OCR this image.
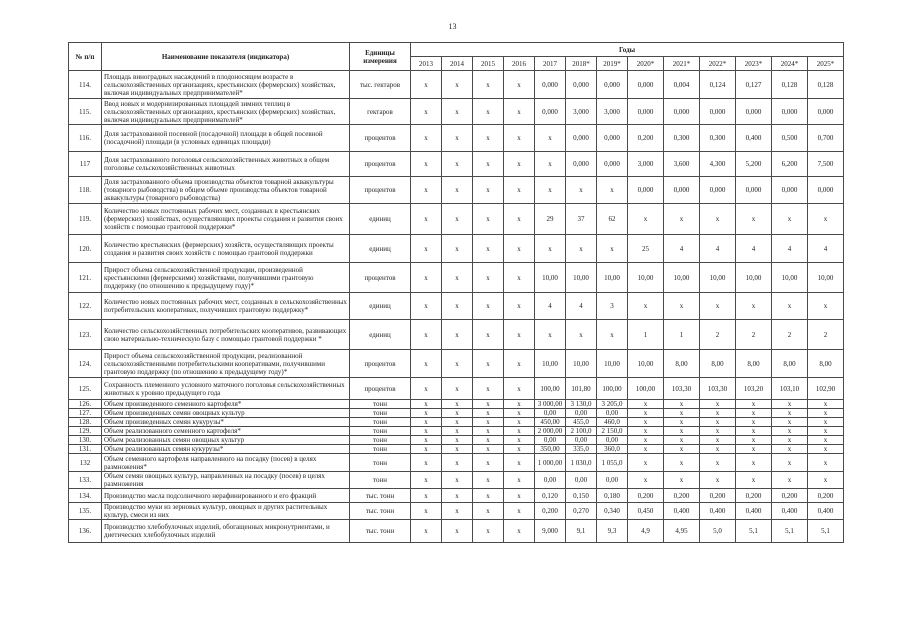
13
№ п/п	Наименование показателя (индикатора)	Единицы измерения	Годы												
			2013	2014	2015	2016	2017	2018*	2019*	2020*	2021*	2022*	2023*	2024*	2025*
114.	Площадь виноградных насаждений в плодоносящем возрасте в сельскохозяйственных организациях, крестьянских (фермерских) хозяйствах, включая индивидуальных предпринимателей*	тыс. гектаров	x	x	x	x	0,000	0,000	0,000	0,000	0,004	0,124	0,127	0,128	0,128
115.	Ввод новых и модернизированных площадей зимних теплиц в сельскохозяйственных организациях, крестьянских (фермерских) хозяйствах, включая индивидуальных предпринимателей*	гектаров	x	x	x	x	0,000	3,000	3,000	0,000	0,000	0,000	0,000	0,000	0,000
116.	Доля застрахованной посевной (посадочной) площади в общей посевной (посадочной) площади (в условных единицах площади)	процентов	x	x	x	x	x	0,000	0,000	0,200	0,300	0,300	0,400	0,500	0,700
117	Доля застрахованного поголовья сельскохозяйственных животных в общем поголовье сельскохозяйственных животных	процентов	x	x	x	x	x	0,000	0,000	3,000	3,600	4,300	5,200	6,200	7,500
118.	Доля застрахованного объема производства объектов товарной аквакультуры (товарного рыбоводства) в общем объеме производства объектов товарной аквакультуры (товарного рыбоводства)	процентов	x	x	x	x	x	x	x	0,000	0,000	0,000	0,000	0,000	0,000
119.	Количество новых постоянных рабочих мест, созданных в крестьянских (фермерских) хозяйствах, осуществляющих проекты создания и развития своих хозяйств с помощью грантовой поддержки*	единиц	x	x	x	x	29	37	62	x	x	x	x	x	x
120.	Количество крестьянских (фермерских) хозяйств, осуществляющих проекты создания и развития своих хозяйств с помощью грантовой поддержки	единиц	x	x	x	x	x	x	x	25	4	4	4	4	4
121.	Прирост объема сельскохозяйственной продукции, произведенной крестьянскими (фермерскими) хозяйствами, получившими грантовую поддержку (по отношению к предыдущему году)*	процентов	x	x	x	x	10,00	10,00	10,00	10,00	10,00	10,00	10,00	10,00	10,00
122.	Количество новых постоянных рабочих мест, созданных в сельскохозяйственных потребительских кооперативах, получивших грантовую поддержку*	единиц	x	x	x	x	4	4	3	x	x	x	x	x	x
123.	Количество сельскохозяйственных потребительских кооперативов, развивающих свою материально-техническую базу с помощью грантовой поддержки *	единиц	x	x	x	x	x	x	x	1	1	2	2	2	2
124.	Прирост объема сельскохозяйственной продукции, реализованной сельскохозяйственными потребительскими кооперативами, получившими грантовую поддержку (по отношению к предыдущему году)*	процентов	x	x	x	x	10,00	10,00	10,00	10,00	8,00	8,00	8,00	8,00	8,00
125.	Сохранность племенного условного маточного поголовья сельскохозяйственных животных к уровню предыдущего года	процентов	x	x	x	x	100,00	101,80	100,00	100,00	103,30	103,30	103,20	103,10	102,90
126.	Объем произведенного семенного картофеля*	тонн	x	x	x	x	3 000,00	3 130,0	3 205,0	x	x	x	x	x	x
127.	Объем произведенных семян овощных культур	тонн	x	x	x	x	0,00	0,00	0,00	x	x	x	x	x	x
128.	Объем произведенных семян кукурузы*	тонн	x	x	x	x	450,00	455,0	460,0	x	x	x	x	x	x
129.	Объем реализованного семенного картофеля*	тонн	x	x	x	x	2 000,00	2 100,0	2 150,0	x	x	x	x	x	x
130.	Объем реализованных семян овощных культур	тонн	x	x	x	x	0,00	0,00	0,00	x	x	x	x	x	x
131.	Объем реализованных семян кукурузы*	тонн	x	x	x	x	350,00	335,0	360,0	x	x	x	x	x	x
132	Объем семенного картофеля направленного на посадку (посев) в целях размножения*	тонн	x	x	x	x	1 000,00	1 030,0	1 055,0	x	x	x	x	x	x
133.	Объем семян овощных культур, направленных на посадку (посев) в целях размножения	тонн	x	x	x	x	0,00	0,00	0,00	x	x	x	x	x	x
134.	Производство масла подсолнечного нерафинированного и его фракций	тыс. тонн	x	x	x	x	0,120	0,150	0,180	0,200	0,200	0,200	0,200	0,200	0,200
135.	Производство муки из зерновых культур, овощных и других растительных культур, смеси из них	тыс. тонн	x	x	x	x	0,200	0,270	0,340	0,450	0,400	0,400	0,400	0,400	0,400
136.	Производство хлебобулочных изделий, обогащенных микронутриентами, и диетических хлебобулочных изделий	тыс. тонн	x	x	x	x	9,000	9,1	9,3	4,9	4,95	5,0	5,1	5,1	5,1
